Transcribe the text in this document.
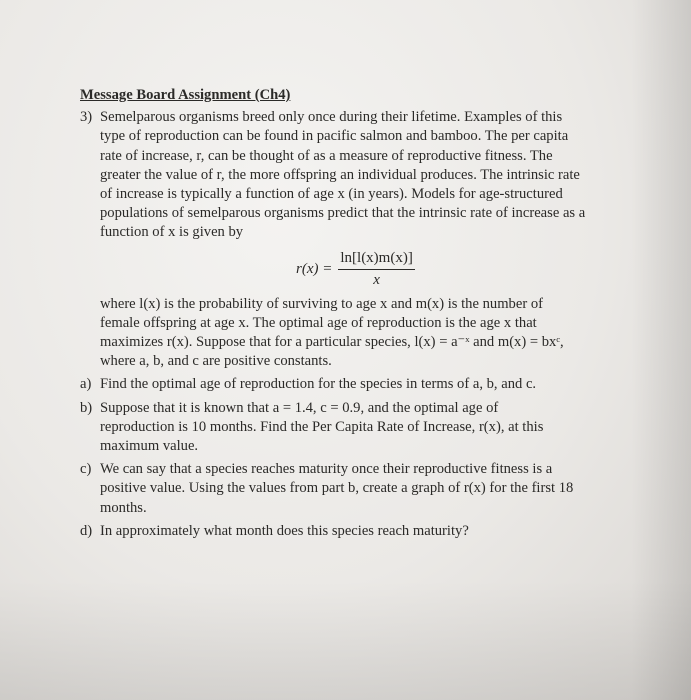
Message Board Assignment (Ch4)
3) Semelparous organisms breed only once during their lifetime. Examples of this
type of reproduction can be found in pacific salmon and bamboo. The per capita
rate of increase, r, can be thought of as a measure of reproductive fitness. The
greater the value of r, the more offspring an individual produces. The intrinsic rate
of increase is typically a function of age x (in years). Models for age-structured
populations of semelparous organisms predict that the intrinsic rate of increase as a
function of x is given by
$r(x) = \frac{\ln[l(x)m(x)]}{x}$
where l(x) is the probability of surviving to age x and m(x) is the number of
female offspring at age x. The optimal age of reproduction is the age x that
maximizes r(x). Suppose that for a particular species, l(x) = a⁻ˣ and m(x) = bxᶜ,
where a, b, and c are positive constants.
a) Find the optimal age of reproduction for the species in terms of a, b, and c.
b) Suppose that it is known that a = 1.4, c = 0.9, and the optimal age of
reproduction is 10 months. Find the Per Capita Rate of Increase, r(x), at this
maximum value.
c) We can say that a species reaches maturity once their reproductive fitness is a
positive value. Using the values from part b, create a graph of r(x) for the first 18
months.
d) In approximately what month does this species reach maturity?
